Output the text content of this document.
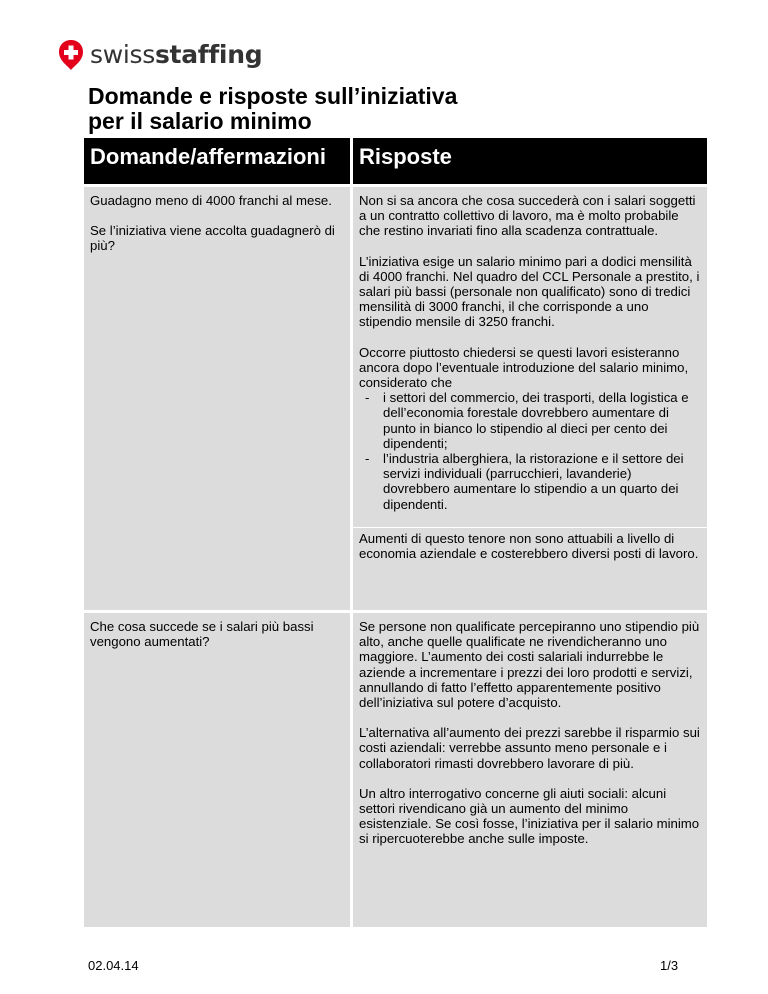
swissstaffing
Domande e risposte sull’iniziativa
per il salario minimo
Domande/affermazioni	Risposte

Guadagno meno di 4000 franchi al mese.

Se l’iniziativa viene accolta guadagnerò di più?

Non si sa ancora che cosa succederà con i salari soggetti a un contratto collettivo di lavoro, ma è molto probabile che restino invariati fino alla scadenza contrattuale.

L’iniziativa esige un salario minimo pari a dodici mensilità di 4000 franchi. Nel quadro del CCL Personale a prestito, i salari più bassi (personale non qualificato) sono di tredici mensilità di 3000 franchi, il che corrisponde a uno stipendio mensile di 3250 franchi.

Occorre piuttosto chiedersi se questi lavori esisteranno ancora dopo l’eventuale introduzione del salario minimo, considerato che

- i settori del commercio, dei trasporti, della logistica e dell’economia forestale dovrebbero aumentare di punto in bianco lo stipendio al dieci per cento dei dipendenti;
- l’industria alberghiera, la ristorazione e il settore dei servizi individuali (parrucchieri, lavanderie) dovrebbero aumentare lo stipendio a un quarto dei dipendenti.

Aumenti di questo tenore non sono attuabili a livello di economia aziendale e costerebbero diversi posti di lavoro.

Che cosa succede se i salari più bassi vengono aumentati?

Se persone non qualificate percepiranno uno stipendio più alto, anche quelle qualificate ne rivendicheranno uno maggiore. L’aumento dei costi salariali indurrebbe le aziende a incrementare i prezzi dei loro prodotti e servizi, annullando di fatto l’effetto apparentemente positivo dell’iniziativa sul potere d’acquisto.

L’alternativa all’aumento dei prezzi sarebbe il risparmio sui costi aziendali: verrebbe assunto meno personale e i collaboratori rimasti dovrebbero lavorare di più.

Un altro interrogativo concerne gli aiuti sociali: alcuni settori rivendicano già un aumento del minimo esistenziale. Se così fosse, l’iniziativa per il salario minimo si ripercuoterebbe anche sulle imposte.

02.04.14	1/3
